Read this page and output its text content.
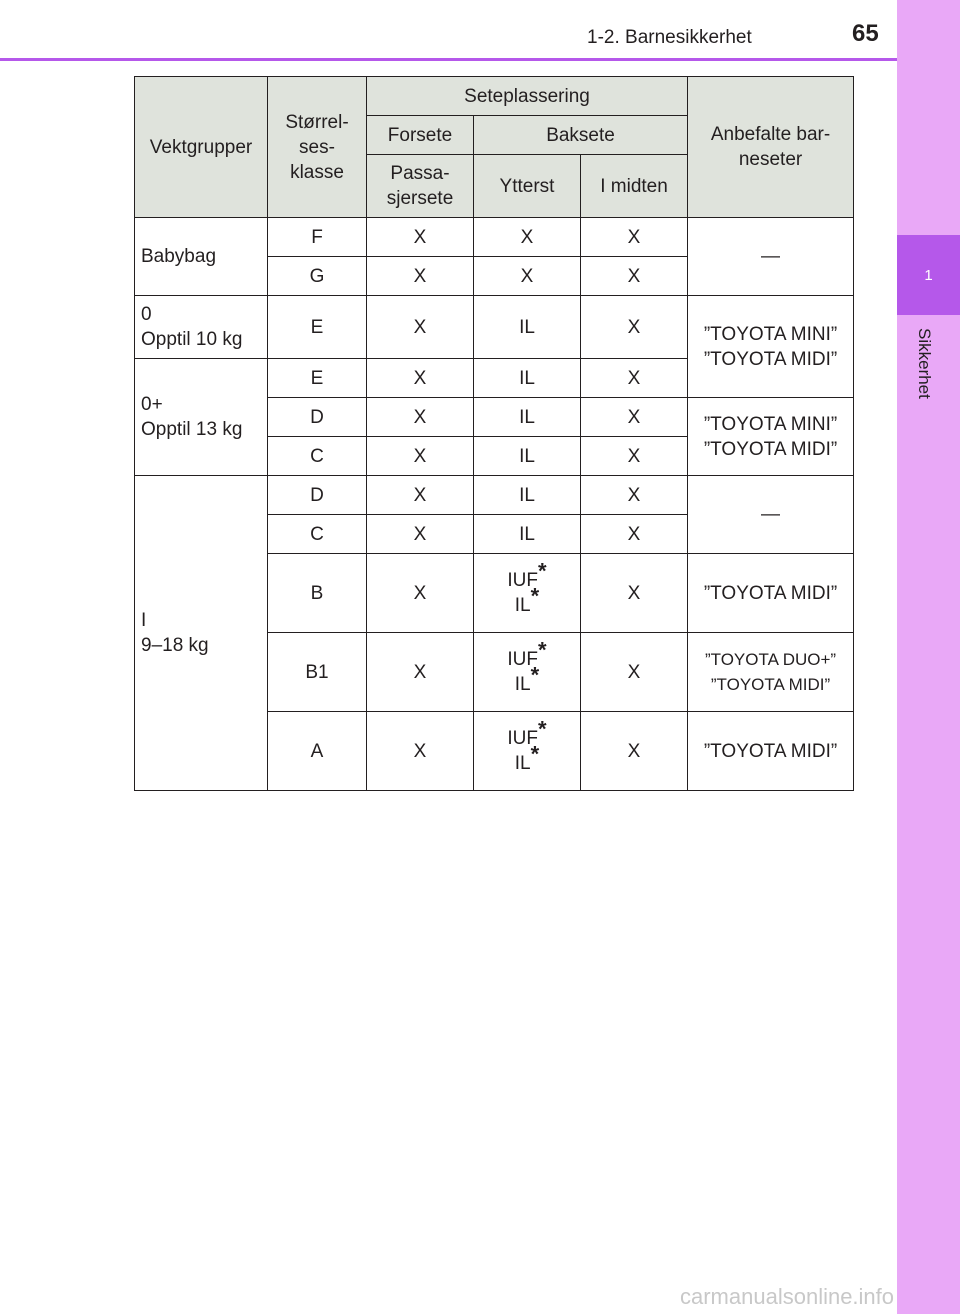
1
Sikkerhet
1-2. Barnesikkerhet	65
Vektgrupper	Størrel-
ses-
klasse	Seteplassering			Anbefalte bar-
neseter
		Forsete	Baksete		
		Passa-
sjersete	Ytterst	I midten	
Babybag	F	X	X	X	—
	G	X	X	X	
0
Opptil 10 kg	E	X	IL	X	”TOYOTA MINI”
”TOYOTA MIDI”
0+
Opptil 13 kg	E	X	IL	X	
	D	X	IL	X	”TOYOTA MINI”
”TOYOTA MIDI”
	C	X	IL	X	
I
9–18 kg	D	X	IL	X	—
	C	X	IL	X	
	B	X	IUF*
IL*	X	”TOYOTA MIDI”
	B1	X	IUF*
IL*	X	”TOYOTA DUO+”
”TOYOTA MIDI”
	A	X	IUF*
IL*	X	”TOYOTA MIDI”
carmanualsonline.info
